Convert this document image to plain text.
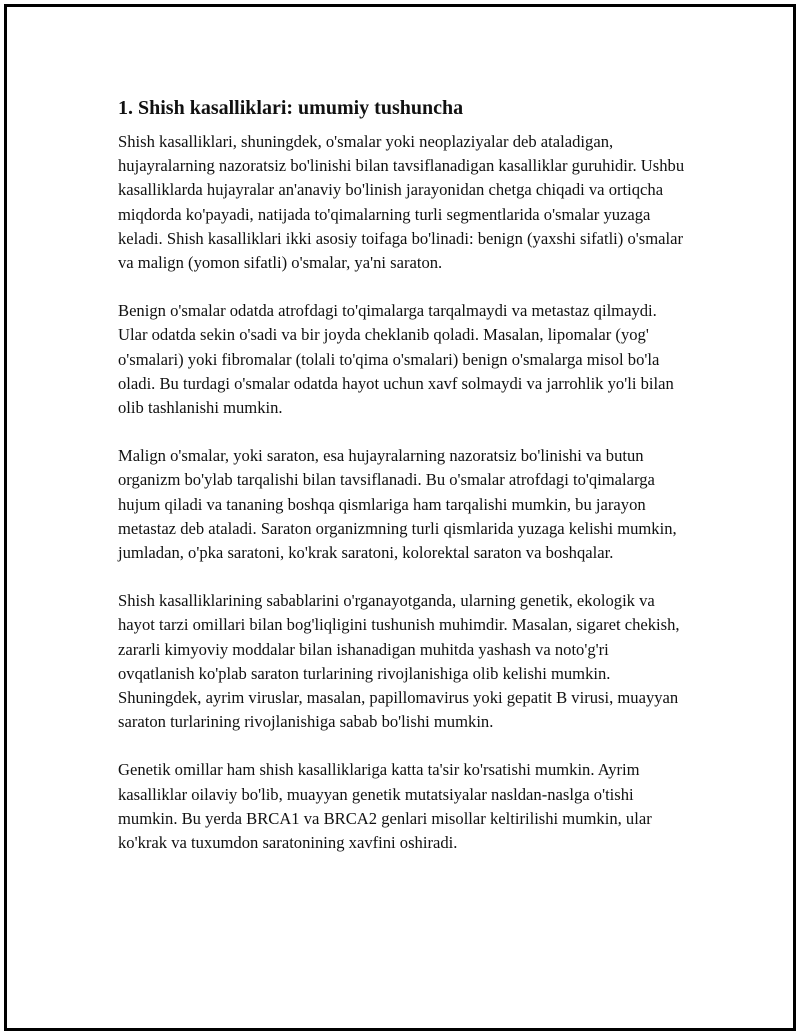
1. Shish kasalliklari: umumiy tushuncha

Shish kasalliklari, shuningdek, o'smalar yoki neoplaziyalar deb ataladigan, hujayralarning nazoratsiz bo'linishi bilan tavsiflanadigan kasalliklar guruhidir. Ushbu kasalliklarda hujayralar an'anaviy bo'linish jarayonidan chetga chiqadi va ortiqcha miqdorda ko'payadi, natijada to'qimalarning turli segmentlarida o'smalar yuzaga keladi. Shish kasalliklari ikki asosiy toifaga bo'linadi: benign (yaxshi sifatli) o'smalar va malign (yomon sifatli) o'smalar, ya'ni saraton.

Benign o'smalar odatda atrofdagi to'qimalarga tarqalmaydi va metastaz qilmaydi. Ular odatda sekin o'sadi va bir joyda cheklanib qoladi. Masalan, lipomalar (yog' o'smalari) yoki fibromalar (tolali to'qima o'smalari) benign o'smalarga misol bo'la oladi. Bu turdagi o'smalar odatda hayot uchun xavf solmaydi va jarrohlik yo'li bilan olib tashlanishi mumkin.

Malign o'smalar, yoki saraton, esa hujayralarning nazoratsiz bo'linishi va butun organizm bo'ylab tarqalishi bilan tavsiflanadi. Bu o'smalar atrofdagi to'qimalarga hujum qiladi va tananing boshqa qismlariga ham tarqalishi mumkin, bu jarayon metastaz deb ataladi. Saraton organizmning turli qismlarida yuzaga kelishi mumkin, jumladan, o'pka saratoni, ko'krak saratoni, kolorektal saraton va boshqalar.

Shish kasalliklarining sabablarini o'rganayotganda, ularning genetik, ekologik va hayot tarzi omillari bilan bog'liqligini tushunish muhimdir. Masalan, sigaret chekish, zararli kimyoviy moddalar bilan ishanadigan muhitda yashash va noto'g'ri ovqatlanish ko'plab saraton turlarining rivojlanishiga olib kelishi mumkin. Shuningdek, ayrim viruslar, masalan, papillomavirus yoki gepatit B virusi, muayyan saraton turlarining rivojlanishiga sabab bo'lishi mumkin.

Genetik omillar ham shish kasalliklariga katta ta'sir ko'rsatishi mumkin. Ayrim kasalliklar oilaviy bo'lib, muayyan genetik mutatsiyalar nasldan-naslga o'tishi mumkin. Bu yerda BRCA1 va BRCA2 genlari misollar keltirilishi mumkin, ular ko'krak va tuxumdon saratonining xavfini oshiradi.
